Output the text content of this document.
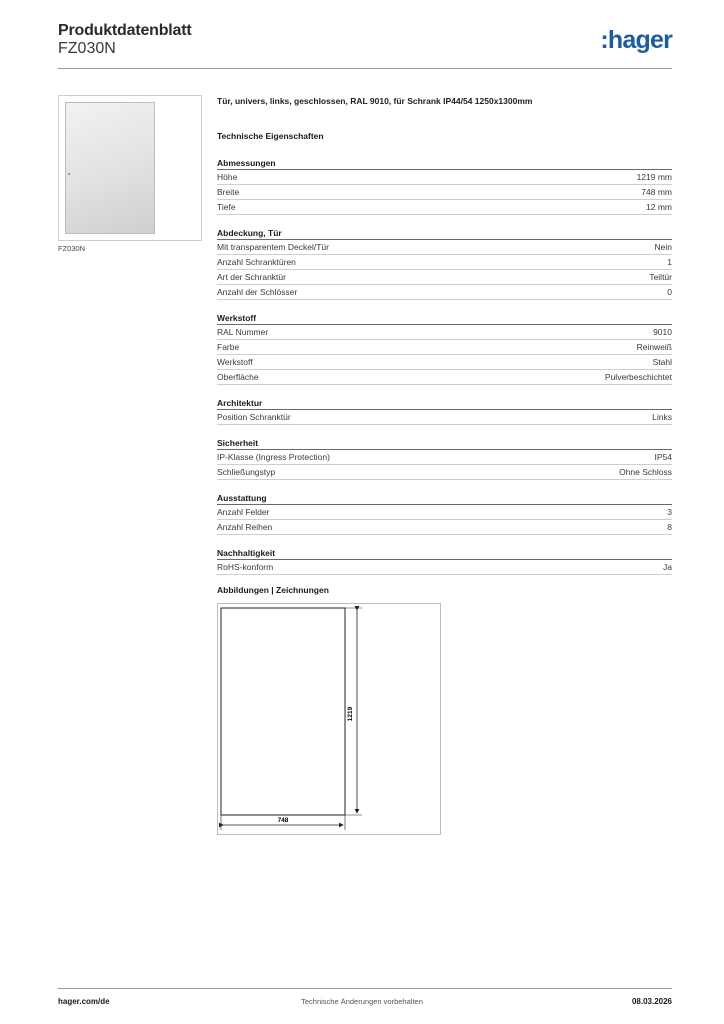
Produktdatenblatt
FZ030N	:hager
FZ030N
Tür, univers, links, geschlossen, RAL 9010, für Schrank IP44/54 1250x1300mm
Technische Eigenschaften
Abmessungen
Höhe	1219 mm
Breite	748 mm
Tiefe	12 mm
Abdeckung, Tür
Mit transparentem Deckel/Tür	Nein
Anzahl Schranktüren	1
Art der Schranktür	Teiltür
Anzahl der Schlösser	0
Werkstoff
RAL Nummer	9010
Farbe	Reinweiß
Werkstoff	Stahl
Oberfläche	Pulverbeschichtet
Architektur
Position Schranktür	Links
Sicherheit
IP-Klasse (Ingress Protection)	IP54
Schließungstyp	Ohne Schloss
Ausstattung
Anzahl Felder	3
Anzahl Reihen	8
Nachhaltigkeit
RoHS-konform	Ja
Abbildungen | Zeichnungen
1219
748
hager.com/de	Technische Änderungen vorbehalten	08.03.2026
